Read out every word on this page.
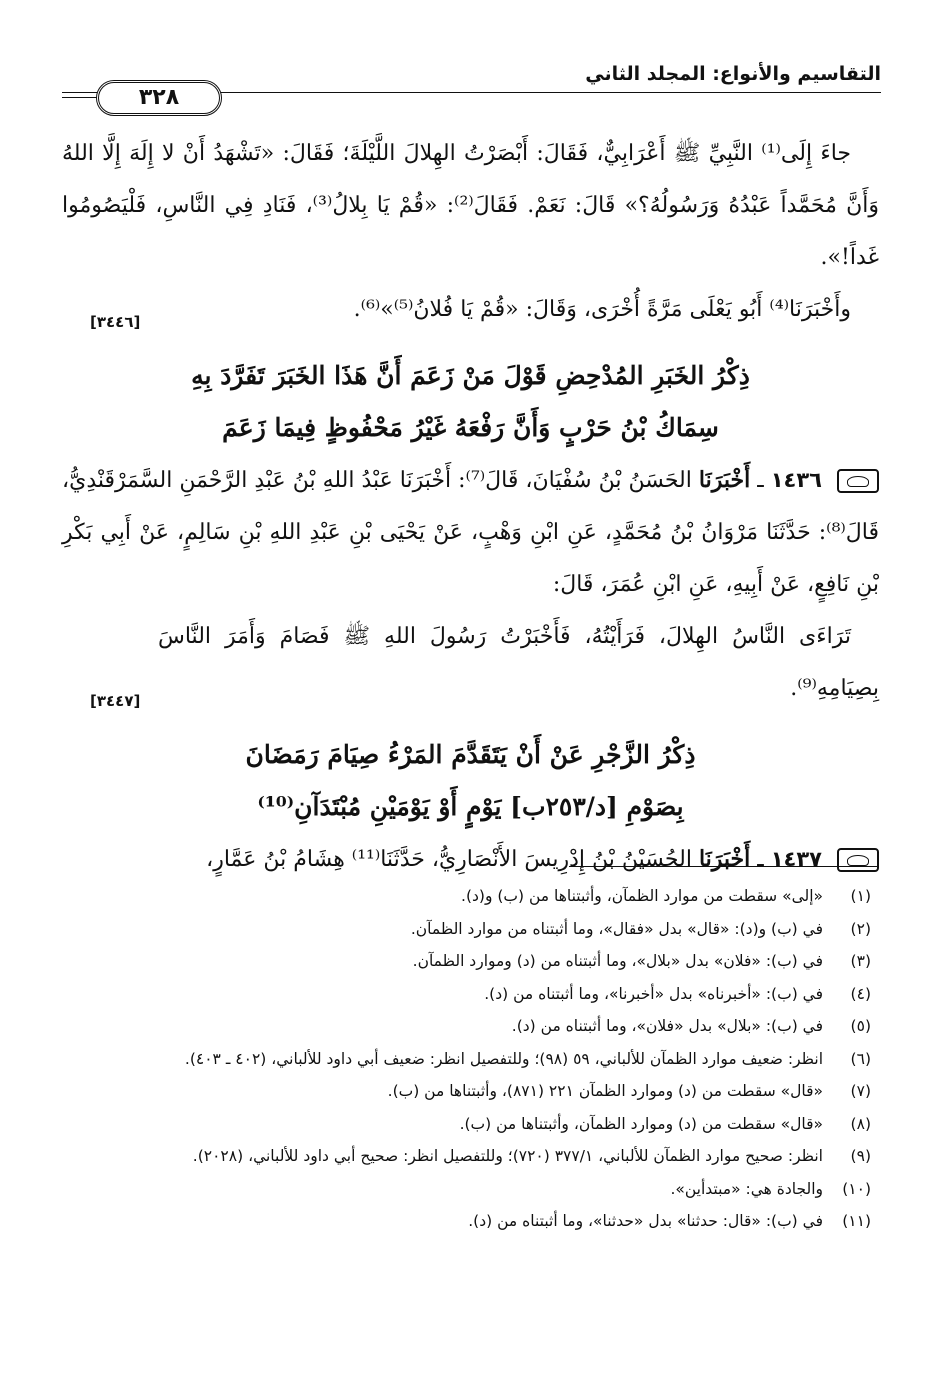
التقاسيم والأنواع: المجلد الثاني
٣٢٨

جاءَ إِلَى⁽¹⁾ النَّبِيِّ ﷺ أَعْرَابِيٌّ، فَقَالَ: أَبْصَرْتُ الهِلالَ اللَّيْلَةَ؛ فَقَالَ: «تَشْهَدُ أَنْ لا إِلَهَ إِلَّا اللهُ وَأَنَّ مُحَمَّداً عَبْدُهُ وَرَسُولُهُ؟» قَالَ: نَعَمْ. فَقَالَ⁽²⁾: «قُمْ يَا بِلالُ⁽³⁾، فَنَادِ فِي النَّاسِ، فَلْيَصُومُوا غَداً!».

وأَخْبَرَنَا⁽⁴⁾ أَبُو يَعْلَى مَرَّةً أُخْرَى، وَقَالَ: «قُمْ يَا فُلانُ⁽⁵⁾»⁽⁶⁾.
[٣٤٤٦]

ذِكْرُ الخَبَرِ المُدْحِضِ قَوْلَ مَنْ زَعَمَ أَنَّ هَذَا الخَبَرَ تَفَرَّدَ بِهِ
سِمَاكُ بْنُ حَرْبٍ وَأَنَّ رَفْعَهُ غَيْرُ مَحْفُوظٍ فِيمَا زَعَمَ

١٤٣٦ ـ أَخْبَرَنَا الحَسَنُ بْنُ سُفْيَانَ، قَالَ⁽⁷⁾: أَخْبَرَنَا عَبْدُ اللهِ بْنُ عَبْدِ الرَّحْمَنِ السَّمَرْقَنْدِيُّ، قَالَ⁽⁸⁾: حَدَّثَنَا مَرْوَانُ بْنُ مُحَمَّدٍ، عَنِ ابْنِ وَهْبٍ، عَنْ يَحْيَى بْنِ عَبْدِ اللهِ بْنِ سَالِمٍ، عَنْ أَبِي بَكْرِ بْنِ نَافِعٍ، عَنْ أَبِيهِ، عَنِ ابْنِ عُمَرَ، قَالَ:

تَرَاءَى النَّاسُ الهِلالَ، فَرَأَيْتُهُ، فَأَخْبَرْتُ رَسُولَ اللهِ ﷺ فَصَامَ وَأَمَرَ النَّاسَ بِصِيَامِهِ⁽⁹⁾.
[٣٤٤٧]

ذِكْرُ الزَّجْرِ عَنْ أَنْ يَتَقَدَّمَ المَرْءُ صِيَامَ رَمَضَانَ
بِصَوْمِ [د/٢٥٣ب] يَوْمٍ أَوْ يَوْمَيْنِ مُبْتَدَآنِ⁽¹⁰⁾

١٤٣٧ ـ أَخْبَرَنَا الحُسَيْنُ بْنُ إِدْرِيسَ الأَنْصَارِيُّ، حَدَّثَنَا⁽¹¹⁾ هِشَامُ بْنُ عَمَّارٍ،

(١)
«إلى» سقطت من موارد الظمآن، وأثبتناها من (ب) و(د).
(٢)
في (ب) و(د): «قال» بدل «فقال»، وما أثبتناه من موارد الظمآن.
(٣)
في (ب): «فلان» بدل «بلال»، وما أثبتناه من (د) وموارد الظمآن.
(٤)
في (ب): «أخبرناه» بدل «أخبرنا»، وما أثبتناه من (د).
(٥)
في (ب): «بلال» بدل «فلان»، وما أثبتناه من (د).
(٦)
انظر: ضعيف موارد الظمآن للألباني، ٥٩ (٩٨)؛ وللتفصيل انظر: ضعيف أبي داود للألباني، (٤٠٢ ـ ٤٠٣).
(٧)
«قال» سقطت من (د) وموارد الظمآن ٢٢١ (٨٧١)، وأثبتناها من (ب).
(٨)
«قال» سقطت من (د) وموارد الظمآن، وأثبتناها من (ب).
(٩)
انظر: صحيح موارد الظمآن للألباني، ٣٧٧/١ (٧٢٠)؛ وللتفصيل انظر: صحيح أبي داود للألباني، (٢٠٢٨).
(١٠)
والجادة هي: «مبتدأين».
(١١)
في (ب): «قال: حدثنا» بدل «حدثنا»، وما أثبتناه من (د).
